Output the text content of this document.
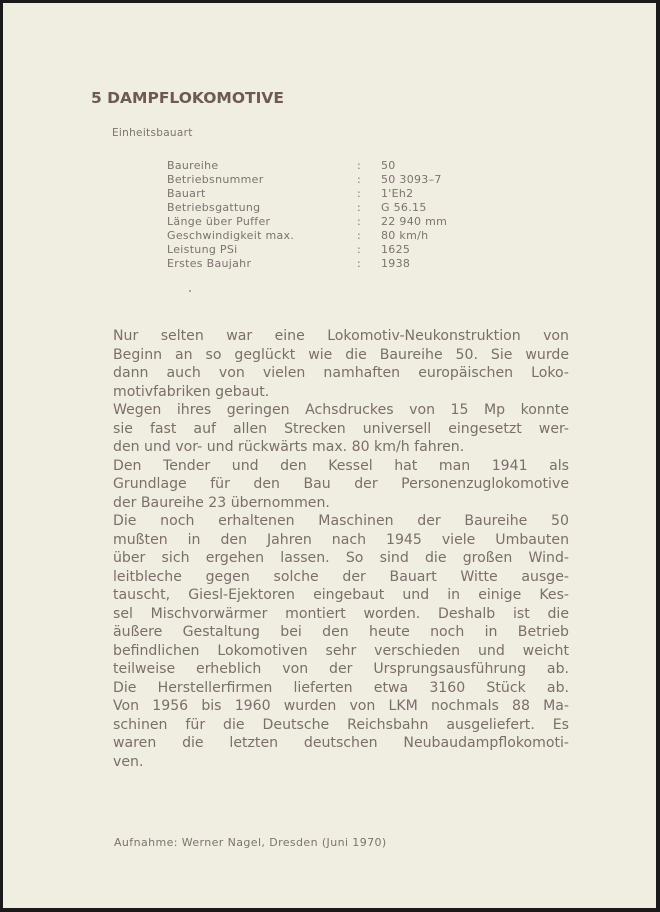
5 DAMPFLOKOMOTIVE
Einheitsbauart
Baureihe	: 50
Betriebsnummer	: 50 3093–7
Bauart	: 1'Eh2
Betriebsgattung	: G 56.15
Länge über Puffer	: 22 940 mm
Geschwindigkeit max.	: 80 km/h
Leistung PSi	: 1625
Erstes Baujahr	: 1938
Nur selten war eine Lokomotiv-Neukonstruktion von
Beginn an so geglückt wie die Baureihe 50. Sie wurde
dann auch von vielen namhaften europäischen Loko-
motivfabriken gebaut.
Wegen ihres geringen Achsdruckes von 15 Mp konnte
sie fast auf allen Strecken universell eingesetzt wer-
den und vor- und rückwärts max. 80 km/h fahren.
Den Tender und den Kessel hat man 1941 als
Grundlage für den Bau der Personenzuglokomotive
der Baureihe 23 übernommen.
Die noch erhaltenen Maschinen der Baureihe 50
mußten in den Jahren nach 1945 viele Umbauten
über sich ergehen lassen. So sind die großen Wind-
leitbleche gegen solche der Bauart Witte ausge-
tauscht, Giesl-Ejektoren eingebaut und in einige Kes-
sel Mischvorwärmer montiert worden. Deshalb ist die
äußere Gestaltung bei den heute noch in Betrieb
befindlichen Lokomotiven sehr verschieden und weicht
teilweise erheblich von der Ursprungsausführung ab.
Die Herstellerfirmen lieferten etwa 3160 Stück ab.
Von 1956 bis 1960 wurden von LKM nochmals 88 Ma-
schinen für die Deutsche Reichsbahn ausgeliefert. Es
waren die letzten deutschen Neubaudampflokomoti-
ven.
Aufnahme: Werner Nagel, Dresden (Juni 1970)
